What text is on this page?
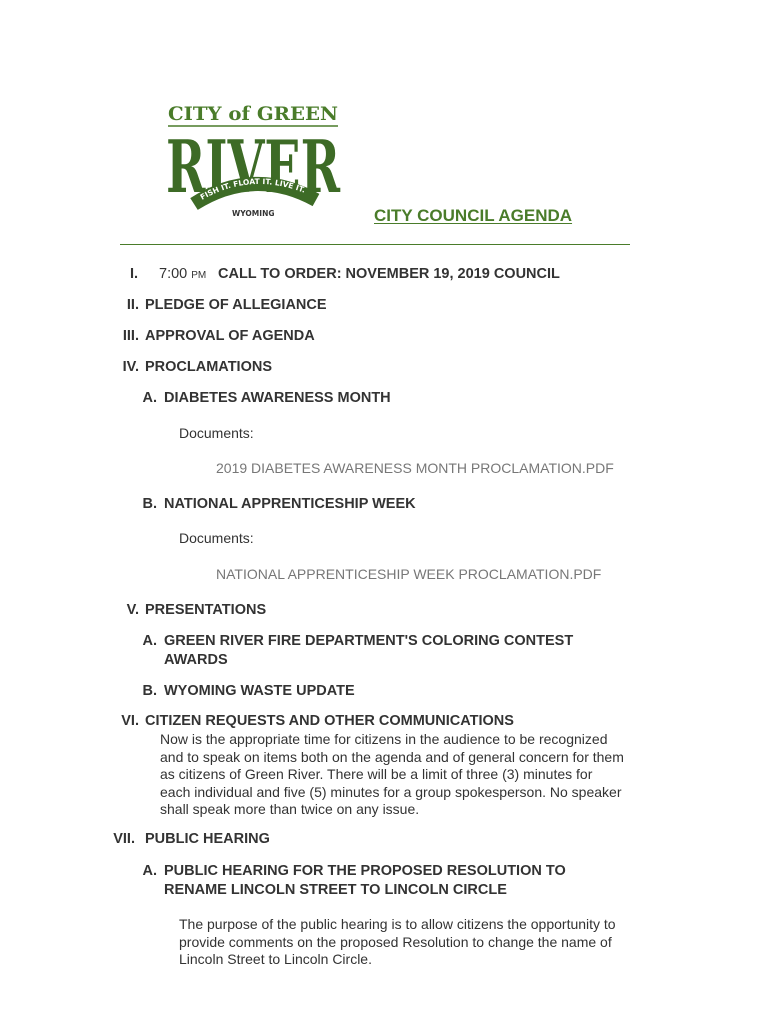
CITY of GREEN
RIVER
FISH IT. FLOAT IT. LIVE IT.
WYOMING	CITY COUNCIL AGENDA
I. 7:00 PM CALL TO ORDER: NOVEMBER 19, 2019 COUNCIL
II. PLEDGE OF ALLEGIANCE
III. APPROVAL OF AGENDA
IV. PROCLAMATIONS
A. DIABETES AWARENESS MONTH
Documents:
2019 DIABETES AWARENESS MONTH PROCLAMATION.PDF
B. NATIONAL APPRENTICESHIP WEEK
Documents:
NATIONAL APPRENTICESHIP WEEK PROCLAMATION.PDF
V. PRESENTATIONS
A. GREEN RIVER FIRE DEPARTMENT'S COLORING CONTEST
AWARDS
B. WYOMING WASTE UPDATE
VI. CITIZEN REQUESTS AND OTHER COMMUNICATIONS
Now is the appropriate time for citizens in the audience to be recognized
and to speak on items both on the agenda and of general concern for them
as citizens of Green River. There will be a limit of three (3) minutes for
each individual and five (5) minutes for a group spokesperson. No speaker
shall speak more than twice on any issue.
VII. PUBLIC HEARING
A. PUBLIC HEARING FOR THE PROPOSED RESOLUTION TO
RENAME LINCOLN STREET TO LINCOLN CIRCLE
The purpose of the public hearing is to allow citizens the opportunity to
provide comments on the proposed Resolution to change the name of
Lincoln Street to Lincoln Circle.
